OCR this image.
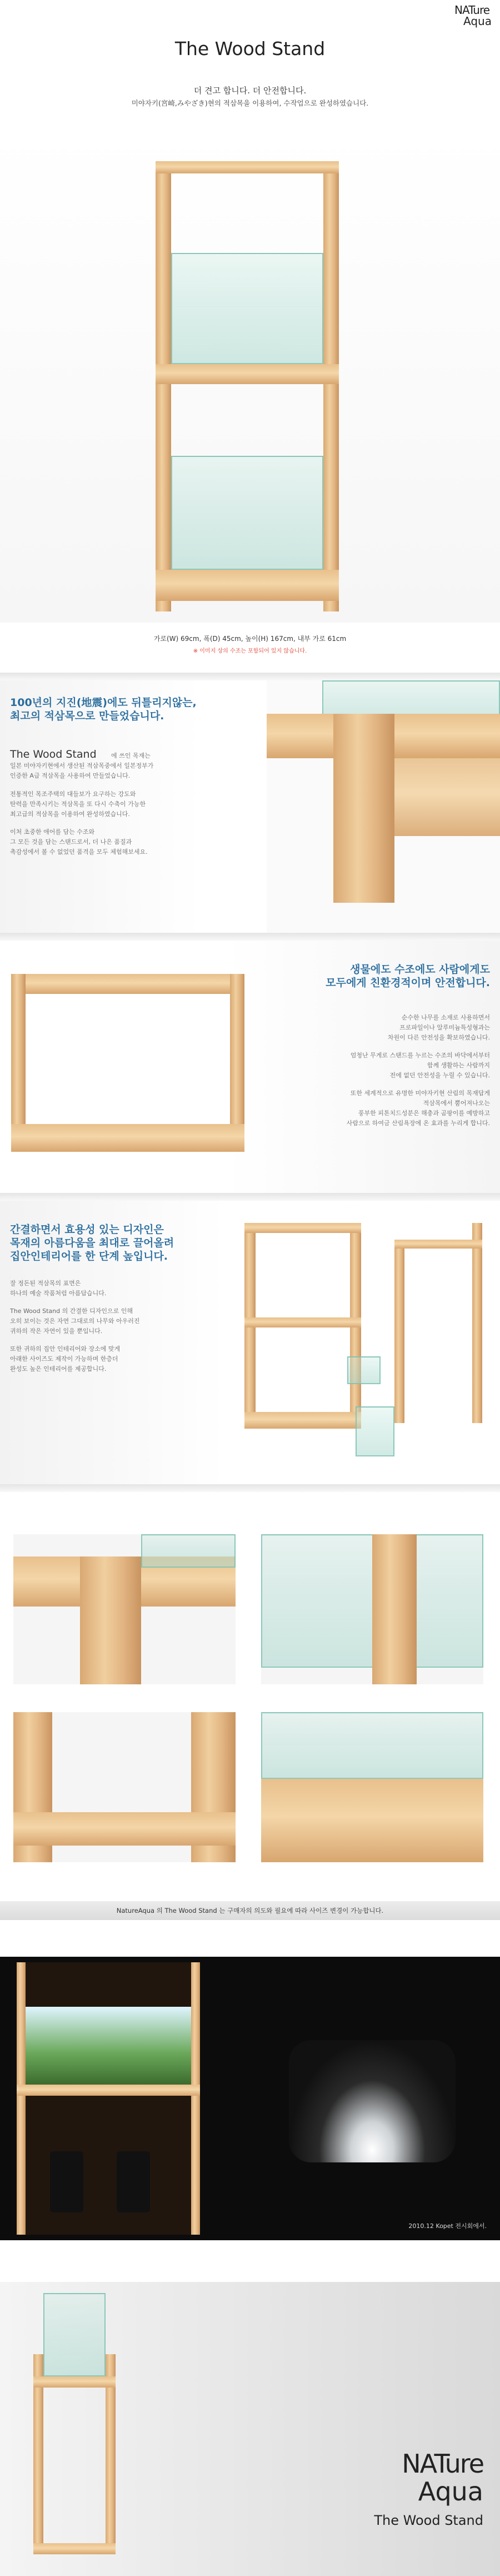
NATure
Aqua
The Wood Stand
더 견고 합니다. 더 안전합니다.
미야자키(宮崎,みやざき)현의 적삼목을 이용하여, 수작업으로 완성하였습니다.
가로(W) 69cm, 폭(D) 45cm, 높이(H) 167cm, 내부 가로 61cm
※ 이미지 상의 수조는 포함되어 있지 않습니다.
100년의 지진(地震)에도 뒤틀리지않는,
최고의 적삼목으로 만들었습니다.
The Wood Stand 에 쓰인 목재는
일본 미야자키현에서 생산된 적삼목중에서 일본정부가
인증한 A급 적삼목을 사용하여 만들었습니다.
전통적인 목조주택의 대들보가 요구하는 강도와
탄력을 만족시키는 적삼목을 또 다시 수축이 가능한
최고급의 적삼목을 이용하여 완성하였습니다.
이처 초중한 애어를 담는 수조와
그 모든 것을 담는 스탠드로서, 더 나은 품질과
촉감성에서 볼 수 없었던 품격을 모두 체험해보세요.
생물에도 수조에도 사람에게도
모두에게 친환경적이며 안전합니다.
순수한 나무를 소재로 사용하면서
프로파일이나 알루미늄특성형과는
차원이 다른 안전성을 확보하였습니다.
엄청난 무게로 스탠드를 누르는 수조의 바닥에서부터
함께 생활하는 사람까지
전에 없던 안전성을 누릴 수 있습니다.
또한 세계적으로 유명한 미야자키현 산림의 목재답게
적삼목에서 뿜어져나오는
풍부한 피톤치드성분은 해충과 곰팡이를 예방하고
사람으로 하여금 산림욕장에 온 효과를 누리게 합니다.
간결하면서 효용성 있는 디자인은
목재의 아름다움을 최대로 끌어올려
집안인테리어를 한 단계 높입니다.
잘 정돈된 적삼목의 표면은
하나의 예술 작품처럼 아름답습니다.
The Wood Stand 의 간결한 디자인으로 인해
오히 보이는 것은 자연 그대로의 나무와 아우러진
귀하의 작은 자연이 있을 뿐입니다.
또한 귀하의 집안 인테리어와 장소에 맞게
아래한 사이즈도 제작이 가능하며 한층더
완성도 높은 인테리어를 제공합니다.
NatureAqua 의 The Wood Stand 는 구매자의 의도와 필요에 따라 사이즈 변경이 가능합니다.
2010.12 Kopet 전시회에서.
NATure
Aqua
The Wood Stand
